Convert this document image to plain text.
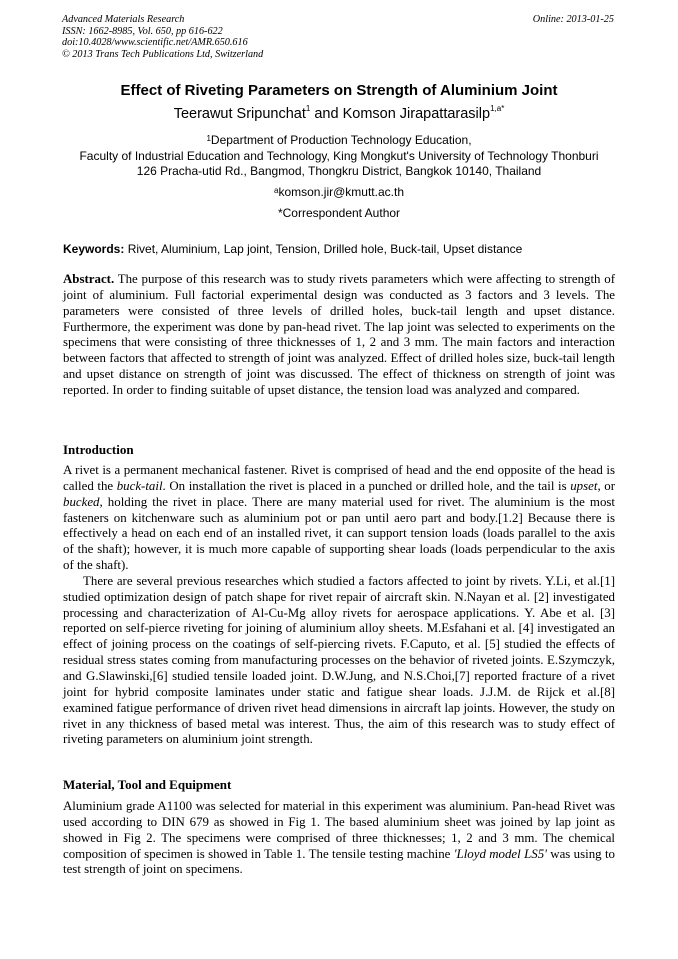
Advanced Materials Research
ISSN: 1662-8985, Vol. 650, pp 616-622
doi:10.4028/www.scientific.net/AMR.650.616
© 2013 Trans Tech Publications Ltd, Switzerland
Online: 2013-01-25
Effect of Riveting Parameters on Strength of Aluminium Joint
Teerawut Sripunchat$^1$ and Komson Jirapattarasilp$^{1,a*}$
$^1$Department of Production Technology Education,
Faculty of Industrial Education and Technology, King Mongkut's University of Technology Thonburi
126 Pracha-utid Rd., Bangmod, Thongkru District, Bangkok 10140, Thailand
$^a$komson.jir@kmutt.ac.th
*Correspondent Author
Keywords: Rivet, Aluminium, Lap joint, Tension, Drilled hole, Buck-tail, Upset distance

Abstract. The purpose of this research was to study rivets parameters which were affecting to strength of joint of aluminium. Full factorial experimental design was conducted as 3 factors and 3 levels. The parameters were consisted of three levels of drilled holes, buck-tail length and upset distance. Furthermore, the experiment was done by pan-head rivet. The lap joint was selected to experiments on the specimens that were consisting of three thicknesses of 1, 2 and 3 mm. The main factors and interaction between factors that affected to strength of joint was analyzed. Effect of drilled holes size, buck-tail length and upset distance on strength of joint was discussed. The effect of thickness on strength of joint was reported. In order to finding suitable of upset distance, the tension load was analyzed and compared.

Introduction

A rivet is a permanent mechanical fastener. Rivet is comprised of head and the end opposite of the head is called the buck-tail. On installation the rivet is placed in a punched or drilled hole, and the tail is upset, or bucked, holding the rivet in place. There are many material used for rivet. The aluminium is the most fasteners on kitchenware such as aluminium pot or pan until aero part and body.[1.2] Because there is effectively a head on each end of an installed rivet, it can support tension loads (loads parallel to the axis of the shaft); however, it is much more capable of supporting shear loads (loads perpendicular to the axis of the shaft).

There are several previous researches which studied a factors affected to joint by rivets. Y.Li, et al.[1] studied optimization design of patch shape for rivet repair of aircraft skin. N.Nayan et al. [2] investigated processing and characterization of Al-Cu-Mg alloy rivets for aerospace applications. Y. Abe et al. [3] reported on self-pierce riveting for joining of aluminium alloy sheets. M.Esfahani et al. [4] investigated an effect of joining process on the coatings of self-piercing rivets. F.Caputo, et al. [5] studied the effects of residual stress states coming from manufacturing processes on the behavior of riveted joints. E.Szymczyk, and G.Slawinski,[6] studied tensile loaded joint. D.W.Jung, and N.S.Choi,[7] reported fracture of a rivet joint for hybrid composite laminates under static and fatigue shear loads. J.J.M. de Rijck et al.[8] examined fatigue performance of driven rivet head dimensions in aircraft lap joints. However, the study on rivet in any thickness of based metal was interest. Thus, the aim of this research was to study effect of riveting parameters on aluminium joint strength.

Material, Tool and Equipment

Aluminium grade A1100 was selected for material in this experiment was aluminium. Pan-head Rivet was used according to DIN 679 as showed in Fig 1. The based aluminium sheet was joined by lap joint as showed in Fig 2. The specimens were comprised of three thicknesses; 1, 2 and 3 mm. The chemical composition of specimen is showed in Table 1. The tensile testing machine 'Lloyd model LS5' was using to test strength of joint on specimens.
